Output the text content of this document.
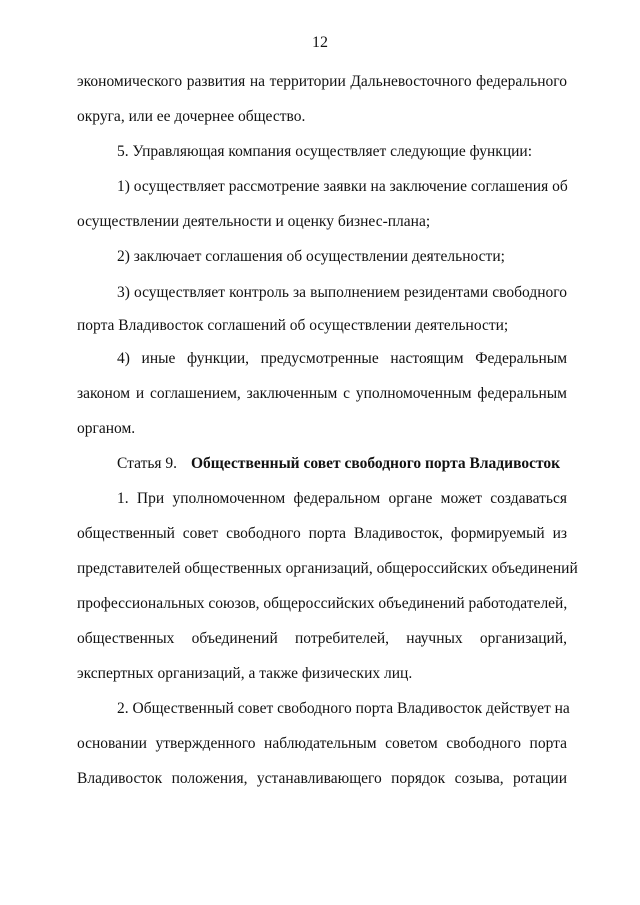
12
экономического развития на территории Дальневосточного федерального
округа, или ее дочернее общество.
5. Управляющая компания осуществляет следующие функции:
1) осуществляет рассмотрение заявки на заключение соглашения об
осуществлении деятельности и оценку бизнес-плана;
2) заключает соглашения об осуществлении деятельности;
3) осуществляет контроль за выполнением резидентами свободного
порта Владивосток соглашений об осуществлении деятельности;
4) иные функции, предусмотренные настоящим Федеральным
законом и соглашением, заключенным с уполномоченным федеральным
органом.
Статья 9. Общественный совет свободного порта Владивосток
1. При уполномоченном федеральном органе может создаваться
общественный совет свободного порта Владивосток, формируемый из
представителей общественных организаций, общероссийских объединений
профессиональных союзов, общероссийских объединений работодателей,
общественных объединений потребителей, научных организаций,
экспертных организаций, а также физических лиц.
2. Общественный совет свободного порта Владивосток действует на
основании утвержденного наблюдательным советом свободного порта
Владивосток положения, устанавливающего порядок созыва, ротации
